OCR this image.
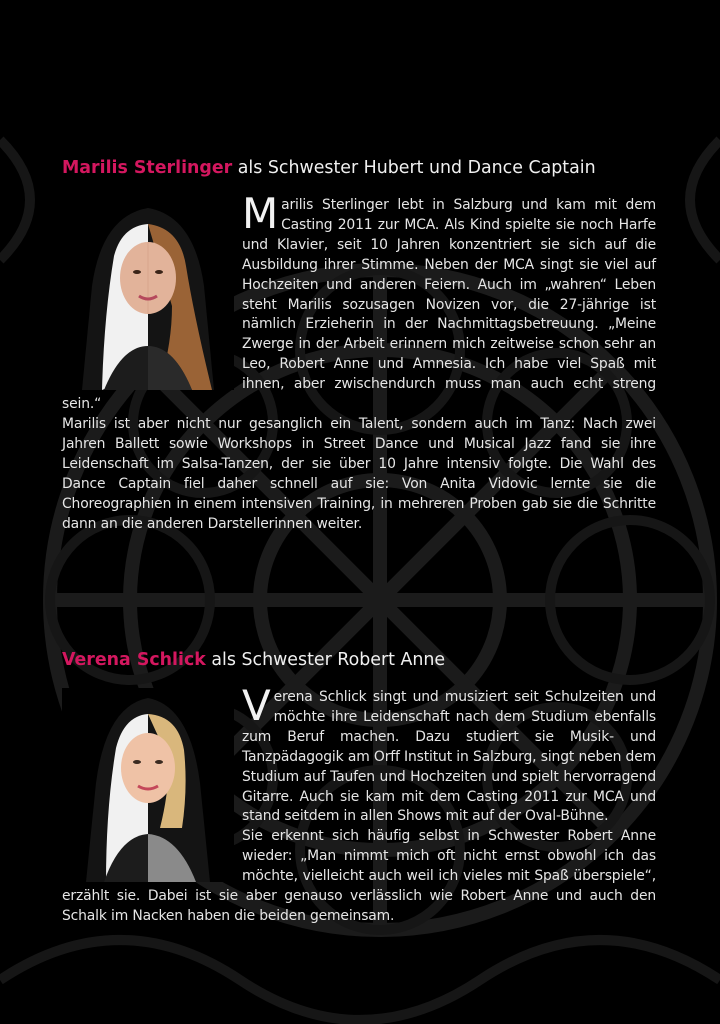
Marilis Sterlinger als Schwester Hubert und Dance Captain
Marilis Sterlinger lebt in Salzburg und kam mit dem Casting 2011 zur MCA. Als Kind spielte sie noch Harfe und Klavier, seit 10 Jahren konzentriert sie sich auf die Ausbildung ihrer Stimme. Neben der MCA singt sie viel auf Hochzeiten und anderen Feiern. Auch im „wahren“ Leben steht Marilis sozusagen Novizen vor, die 27-jährige ist nämlich Erzieherin in der Nachmittagsbetreuung. „Meine Zwerge in der Arbeit erinnern mich zeitweise schon sehr an Leo, Robert Anne und Amnesia. Ich habe viel Spaß mit ihnen, aber zwischendurch muss man auch echt streng sein.“
Marilis ist aber nicht nur gesanglich ein Talent, sondern auch im Tanz: Nach zwei Jahren Ballett sowie Workshops in Street Dance und Musical Jazz fand sie ihre Leidenschaft im Salsa-Tanzen, der sie über 10 Jahre intensiv folgte. Die Wahl des Dance Captain fiel daher schnell auf sie: Von Anita Vidovic lernte sie die Choreographien in einem intensiven Training, in mehreren Proben gab sie die Schritte dann an die anderen Darstellerinnen weiter.
Verena Schlick als Schwester Robert Anne
Verena Schlick singt und musiziert seit Schulzeiten und möchte ihre Leidenschaft nach dem Studium ebenfalls zum Beruf machen. Dazu studiert sie Musik- und Tanzpädagogik am Orff Institut in Salzburg, singt neben dem Studium auf Taufen und Hochzeiten und spielt hervorragend Gitarre. Auch sie kam mit dem Casting 2011 zur MCA und stand seitdem in allen Shows mit auf der Oval-Bühne.
Sie erkennt sich häufig selbst in Schwester Robert Anne wieder: „Man nimmt mich oft nicht ernst obwohl ich das möchte, vielleicht auch weil ich vieles mit Spaß überspiele“, erzählt sie. Dabei ist sie aber genauso verlässlich wie Robert Anne und auch den Schalk im Nacken haben die beiden gemeinsam.
